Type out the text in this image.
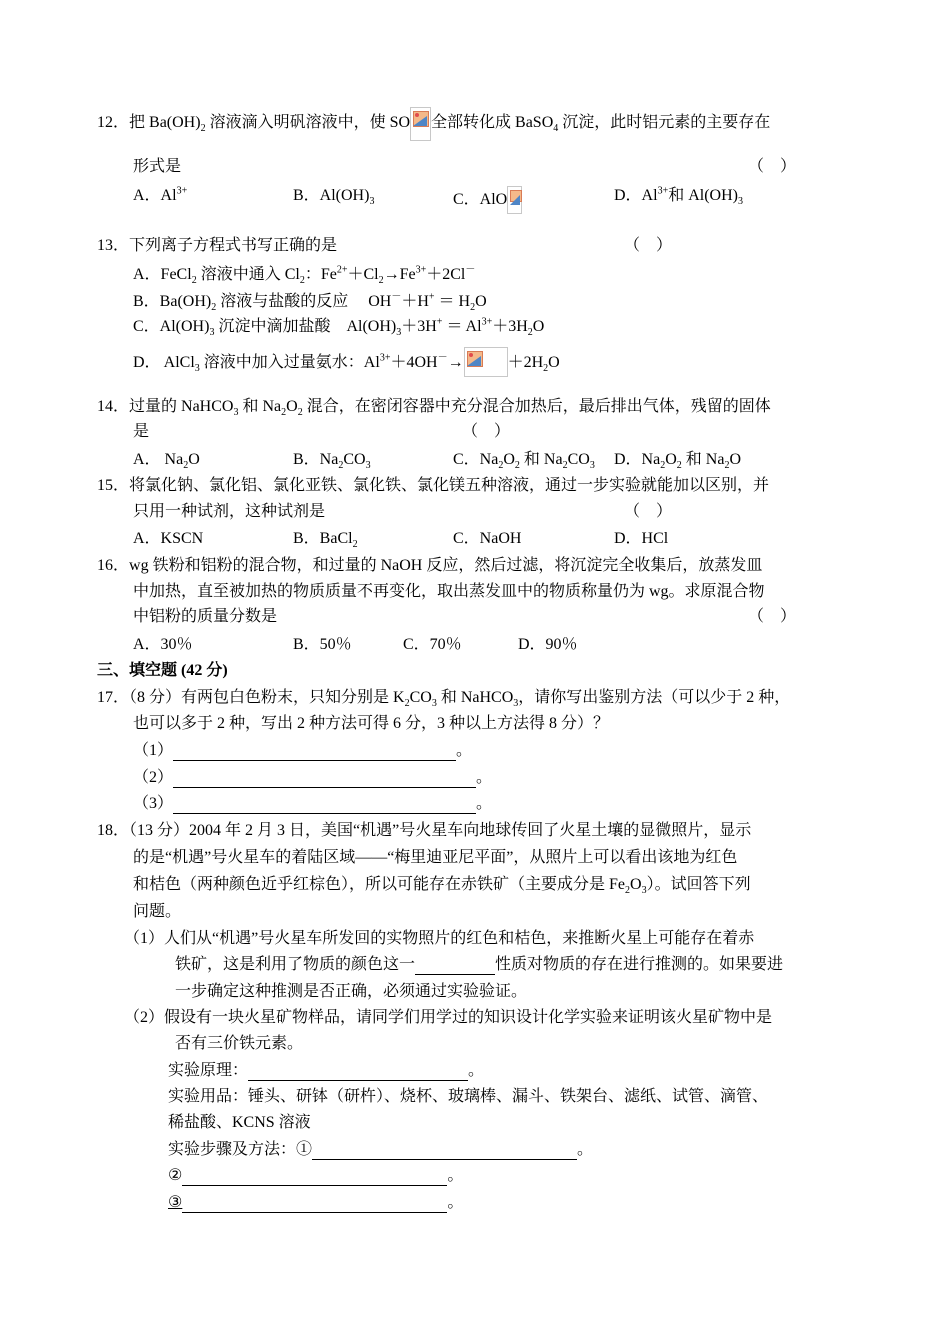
12．把 $Ba(OH)_2$ 溶液滴入明矾溶液中，使 SO 全部转化成 BaSO$_4$ 沉淀，此时铝元素的主要存在
形式是	（　）
A．$Al^{3+}$	B．$Al(OH)_3$	C．AlO	D．$Al^{3+}$和 $Al(OH)_3$
13．下列离子方程式书写正确的是	（　）
A．FeCl$_2$ 溶液中通入 $Cl_2$：$Fe^{2+}+Cl_2\to Fe^{3+}+2Cl^-$
B．$Ba(OH)_2$ 溶液与盐酸的反应　 $OH^-+H^+ = H_2O$
C．$Al(OH)_3$ 沉淀中滴加盐酸　$Al(OH)_3+3H^+ = Al^{3+}+3H_2O$
D． AlCl$_3$ 溶液中加入过量氨水：$Al^{3+}+4OH^-\to$	$+2H_2O$
14．过量的 NaHCO$_3$ 和 $Na_2O_2$ 混合，在密闭容器中充分混合加热后，最后排出气体，残留的固体
是	（　）
A． $Na_2O$	B．$Na_2CO_3$	C．$Na_2O_2$ 和 $Na_2CO_3$ D．$Na_2O_2$ 和 $Na_2O$
15．将氯化钠、氯化铝、氯化亚铁、氯化铁、氯化镁五种溶液，通过一步实验就能加以区别，并
只用一种试剂，这种试剂是	（　）
A．KSCN	B．BaCl$_2$	C．NaOH	D．HCl
16．wg 铁粉和铝粉的混合物，和过量的 NaOH 反应，然后过滤，将沉淀完全收集后，放蒸发皿
中加热，直至被加热的物质质量不再变化，取出蒸发皿中的物质称量仍为 wg。求原混合物
中铝粉的质量分数是	（　）
A．30％	B．50％	C．70％	D．90％
三、填空题 (42 分)
17．（8 分）有两包白色粉末，只知分别是 $K_2CO_3$ 和 NaHCO$_3$，请你写出鉴别方法（可以少于 2 种，
也可以多于 2 种，写出 2 种方法可得 6 分，3 种以上方法得 8 分）？
（1）	。
（2）	。
（3）	。
18．（13 分）2004 年 2 月 3 日，美国“机遇”号火星车向地球传回了火星土壤的显微照片，显示
的是“机遇”号火星车的着陆区域——“梅里迪亚尼平面”，从照片上可以看出该地为红色
和桔色（两种颜色近乎红棕色），所以可能存在赤铁矿（主要成分是 $Fe_2O_3$）。试回答下列
问题。
（1）人们从“机遇”号火星车所发回的实物照片的红色和桔色，来推断火星上可能存在着赤
铁矿，这是利用了物质的颜色这一	性质对物质的存在进行推测的。如果要进
一步确定这种推测是否正确，必须通过实验验证。
（2）假设有一块火星矿物样品，请同学们用学过的知识设计化学实验来证明该火星矿物中是
否有三价铁元素。
实验原理：	。
实验用品：锤头、研钵（研杵）、烧杯、玻璃棒、漏斗、铁架台、滤纸、试管、滴管、
稀盐酸、KCNS 溶液
实验步骤及方法：①	。
②	。
③	。
